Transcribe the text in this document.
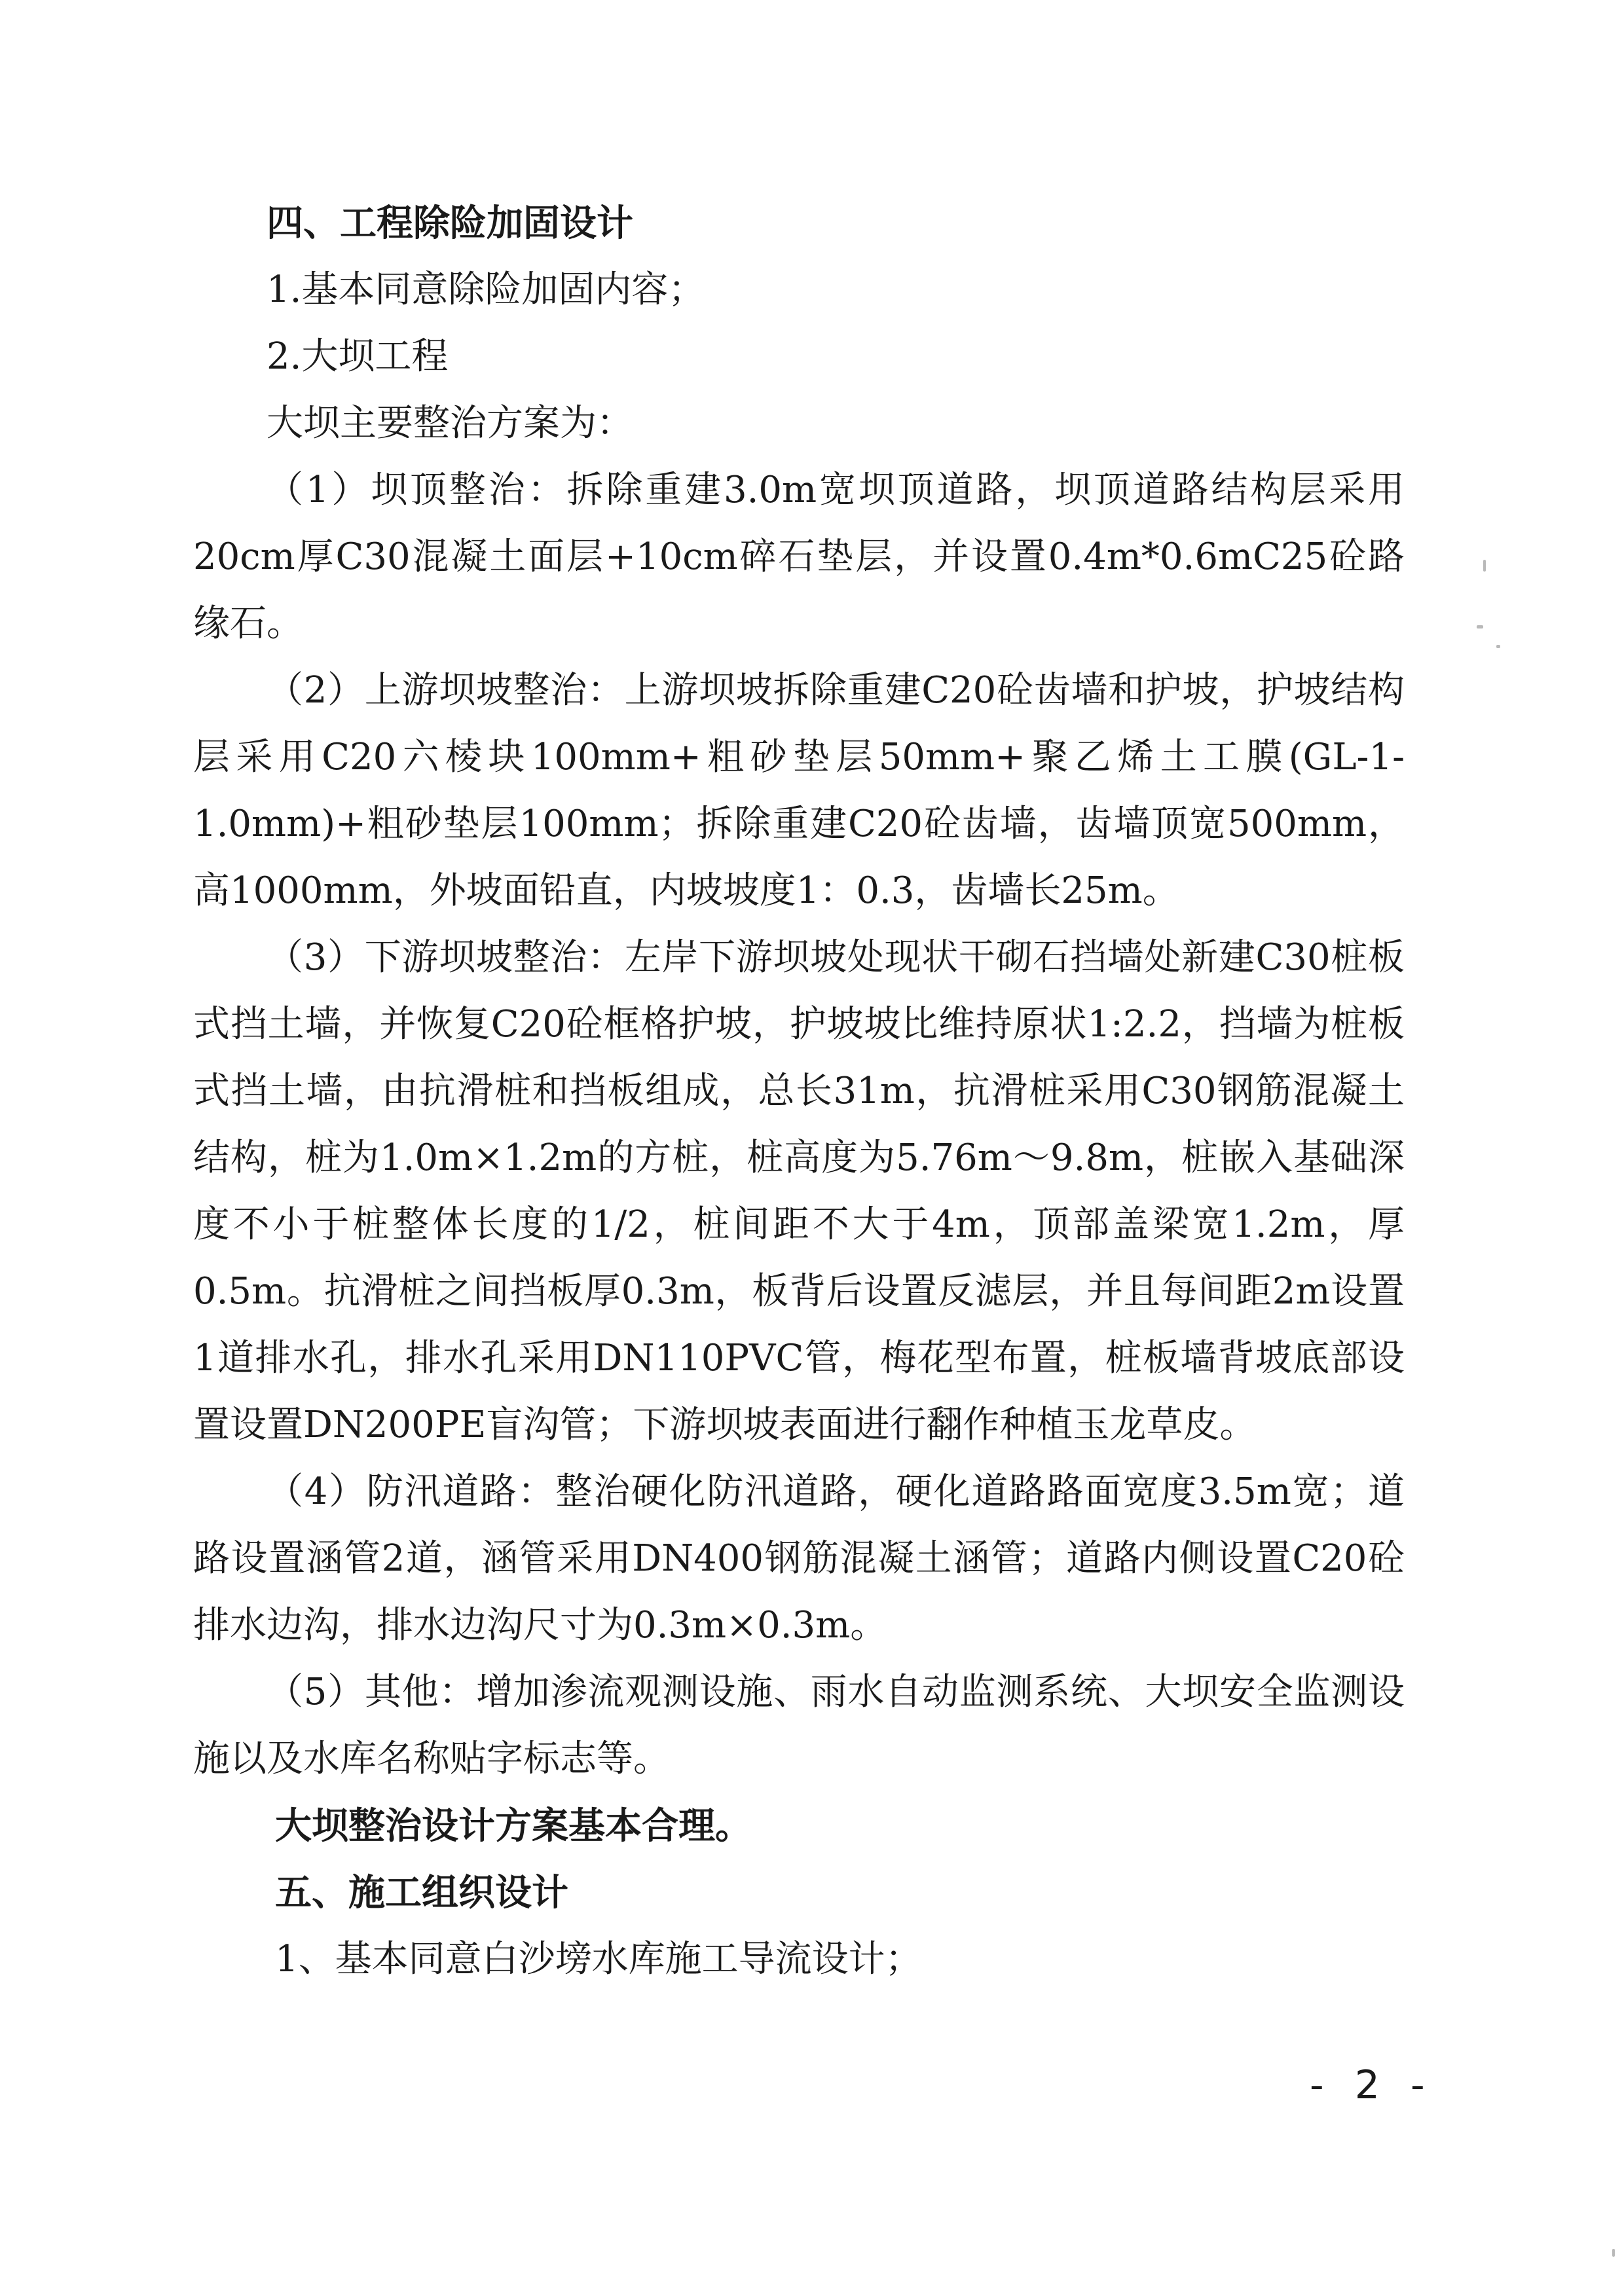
四、工程除险加固设计

1.基本同意除险加固内容；

2.大坝工程

大坝主要整治方案为：

（1）坝顶整治：拆除重建3.0m宽坝顶道路，坝顶道路结构层采用20cm厚C30混凝土面层+10cm碎石垫层，并设置0.4m*0.6mC25砼路缘石。

（2）上游坝坡整治：上游坝坡拆除重建C20砼齿墙和护坡，护坡结构层采用C20六棱块100mm+粗砂垫层50mm+聚乙烯土工膜(GL-1-1.0mm)+粗砂垫层100mm；拆除重建C20砼齿墙，齿墙顶宽500mm，高1000mm，外坡面铅直，内坡坡度1：0.3，齿墙长25m。

（3）下游坝坡整治：左岸下游坝坡处现状干砌石挡墙处新建C30桩板式挡土墙，并恢复C20砼框格护坡，护坡坡比维持原状1:2.2，挡墙为桩板式挡土墙，由抗滑桩和挡板组成，总长31m，抗滑桩采用C30钢筋混凝土结构，桩为1.0m×1.2m的方桩，桩高度为5.76m～9.8m，桩嵌入基础深度不小于桩整体长度的1/2，桩间距不大于4m，顶部盖梁宽1.2m，厚0.5m。抗滑桩之间挡板厚0.3m，板背后设置反滤层，并且每间距2m设置1道排水孔，排水孔采用DN110PVC管，梅花型布置，桩板墙背坡底部设置设置DN200PE盲沟管；下游坝坡表面进行翻作种植玉龙草皮。

（4）防汛道路：整治硬化防汛道路，硬化道路路面宽度3.5m宽；道路设置涵管2道，涵管采用DN400钢筋混凝土涵管；道路内侧设置C20砼排水边沟，排水边沟尺寸为0.3m×0.3m。

（5）其他：增加渗流观测设施、雨水自动监测系统、大坝安全监测设施以及水库名称贴字标志等。

大坝整治设计方案基本合理。

五、施工组织设计

1、基本同意白沙塝水库施工导流设计；

- 2 -
